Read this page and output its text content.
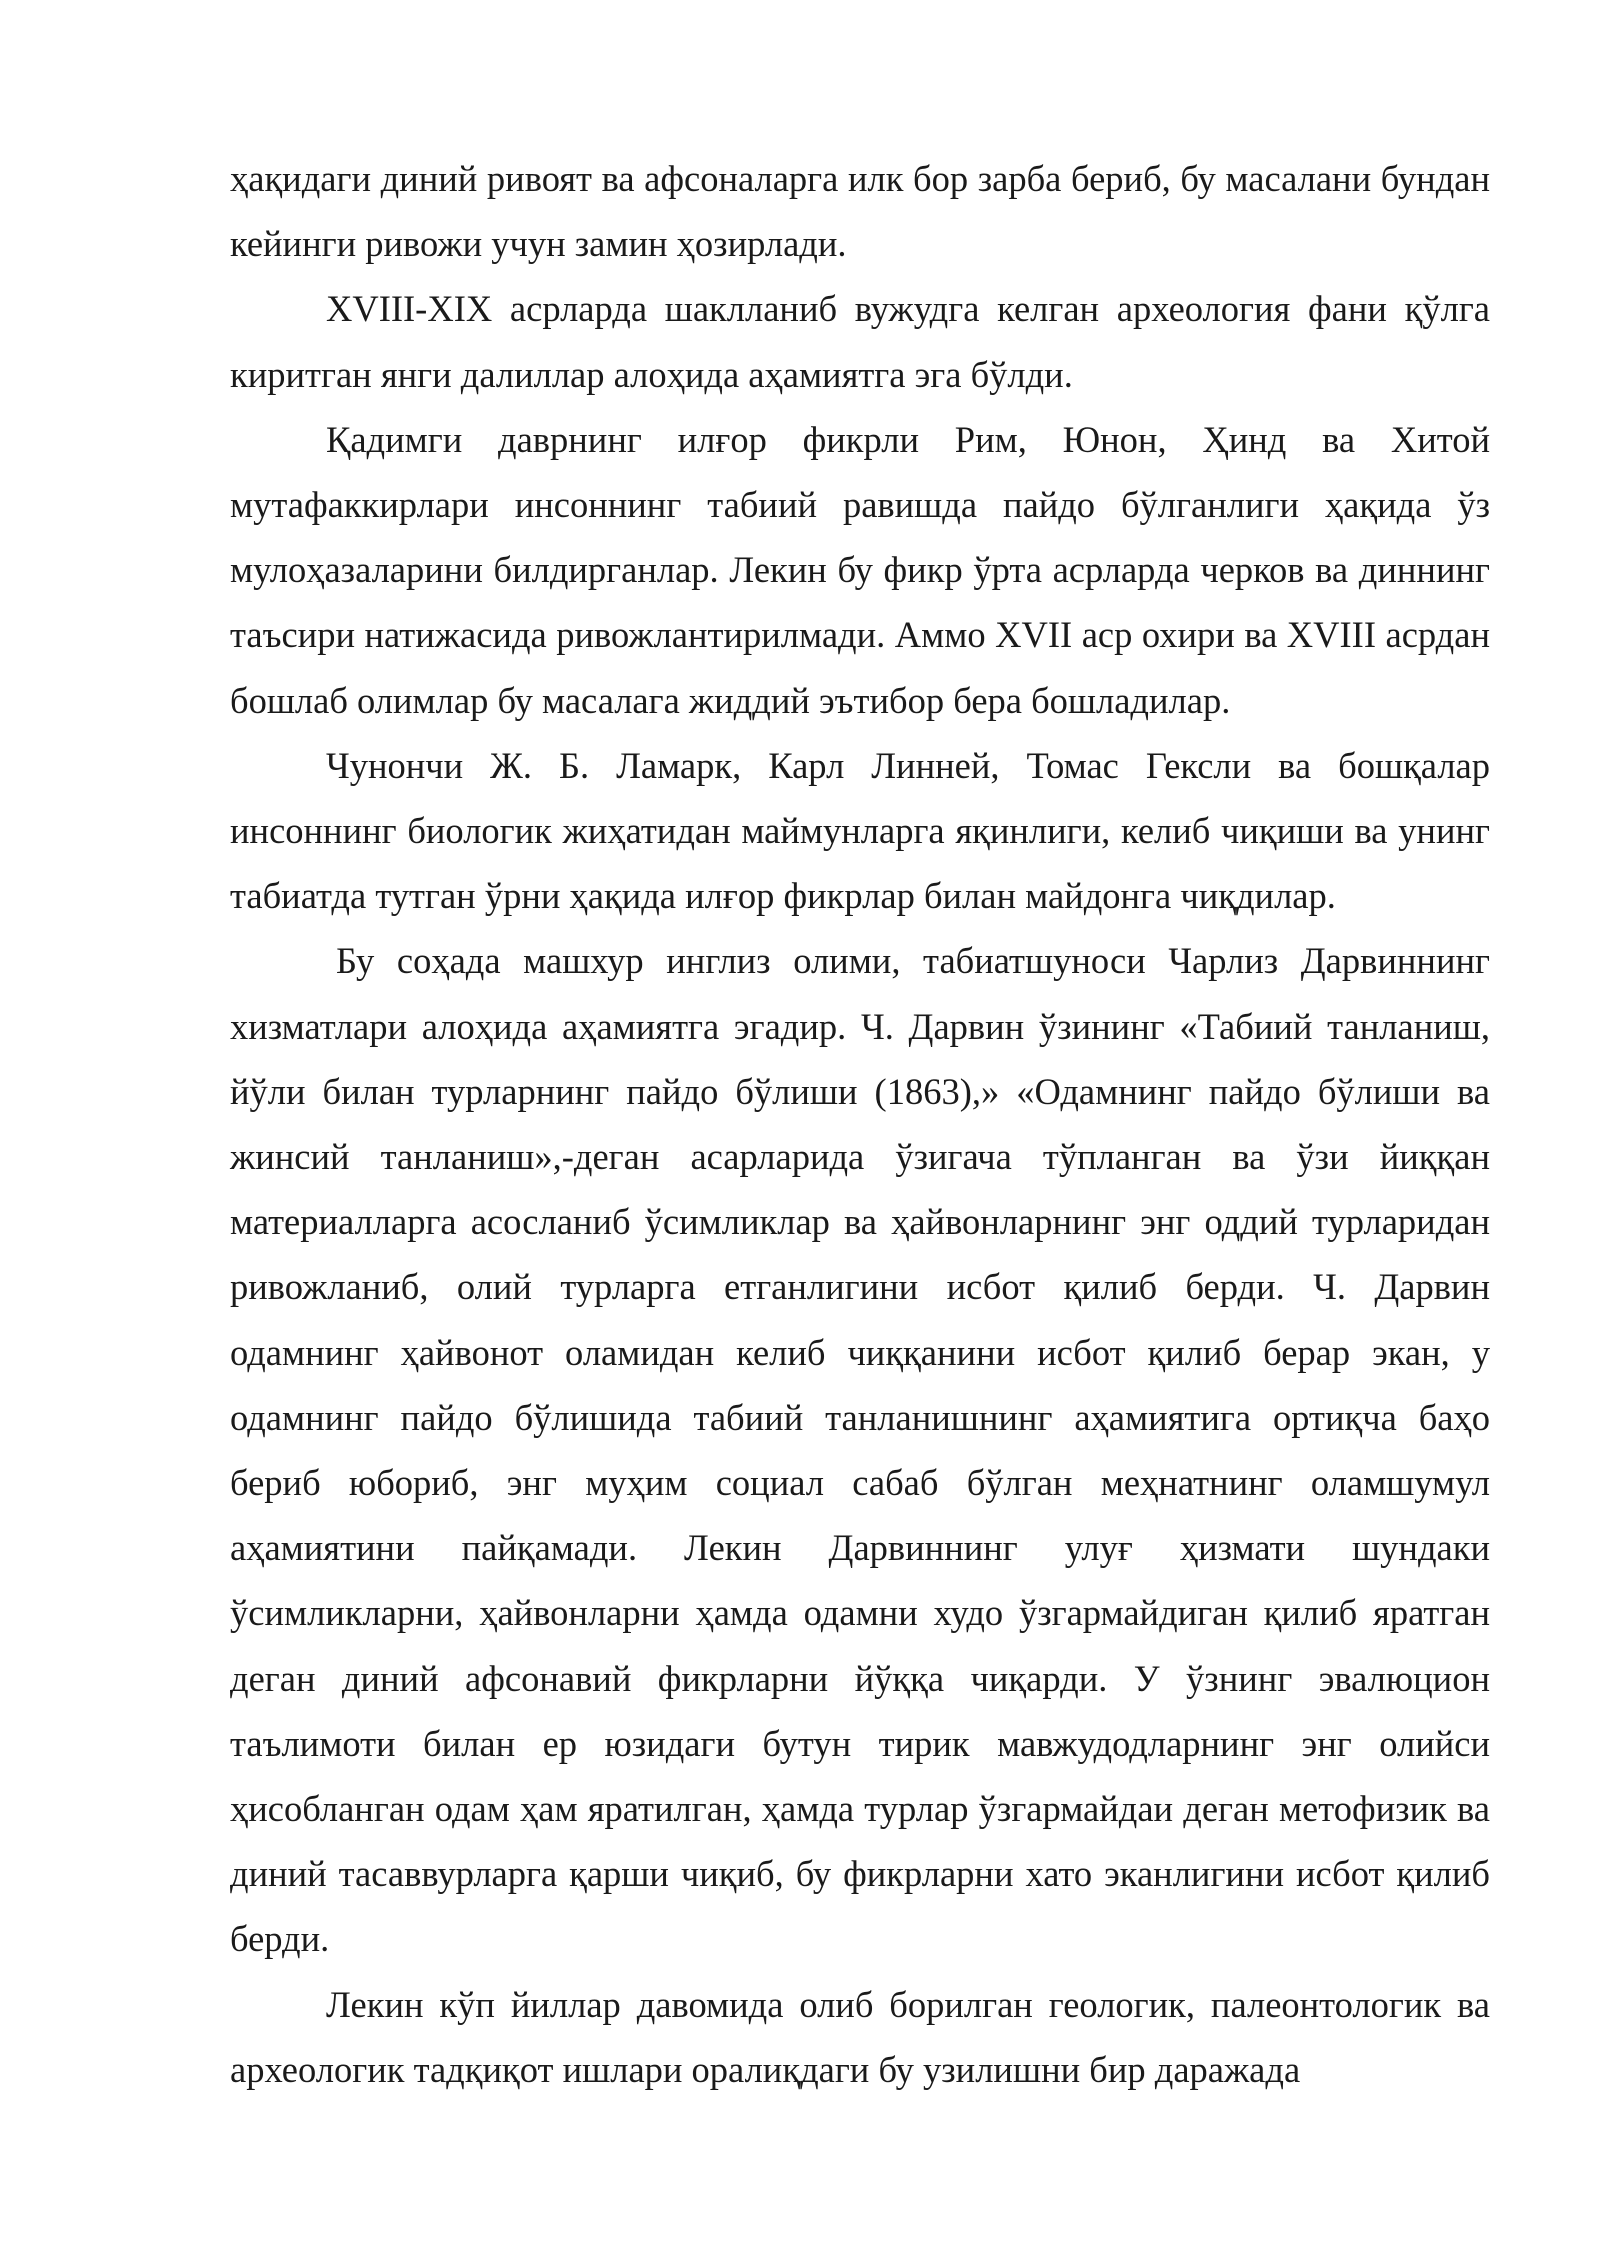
ҳақидаги диний ривоят ва афсоналарга илк бор зарба бериб, бу масалани бундан кейинги ривожи учун замин ҳозирлади.

XVIII-XIX асрларда шаклланиб вужудга келган археология фани қўлга киритган янги далиллар алоҳида аҳамиятга эга бўлди.

Қадимги даврнинг илғор фикрли Рим, Юнон, Ҳинд ва Хитой мутафаккирлари инсоннинг табиий равишда пайдо бўлганлиги ҳақида ўз мулоҳазаларини билдирганлар. Лекин бу фикр ўрта асрларда черков ва диннинг таъсири натижасида ривожлантирилмади. Аммо XVII аср охири ва XVIII асрдан бошлаб олимлар бу масалага жиддий эътибор бера бошладилар.

Чунончи Ж. Б. Ламарк, Карл Линней, Томас Гексли ва бошқалар инсоннинг биологик жиҳатидан маймунларга яқинлиги, келиб чиқиши ва унинг табиатда тутган ўрни ҳақида илғор фикрлар билан майдонга чиқдилар.

Бу соҳада машхур инглиз олими, табиатшуноси Чарлиз Дарвиннинг хизматлари алоҳида аҳамиятга эгадир. Ч. Дарвин ўзининг «Табиий танланиш, йўли билан турларнинг пайдо бўлиши (1863),» «Одамнинг пайдо бўлиши ва жинсий танланиш»,-деган асарларида ўзигача тўпланган ва ўзи йиққан материалларга асосланиб ўсимликлар ва ҳайвонларнинг энг оддий турларидан ривожланиб, олий турларга етганлигини исбот қилиб берди. Ч. Дарвин одамнинг ҳайвонот оламидан келиб чиққанини исбот қилиб берар экан, у одамнинг пайдо бўлишида табиий танланишнинг аҳамиятига ортиқча баҳо бериб юбориб, энг муҳим социал сабаб бўлган меҳнатнинг оламшумул аҳамиятини пайқамади. Лекин Дарвиннинг улуғ ҳизмати шундаки ўсимликларни, ҳайвонларни ҳамда одамни худо ўзгармайдиган қилиб яратган деган диний афсонавий фикрларни йўққа чиқарди. У ўзнинг эвалюцион таълимоти билан ер юзидаги бутун тирик мавжудодларнинг энг олийси ҳисобланган одам ҳам яратилган, ҳамда турлар ўзгармайдаи деган метофизик ва диний тасаввурларга қарши чиқиб, бу фикрларни хато эканлигини исбот қилиб берди.

Лекин кўп йиллар давомида олиб борилган геологик, палеонтологик ва археологик тадқиқот ишлари оралиқдаги бу узилишни бир даражада
